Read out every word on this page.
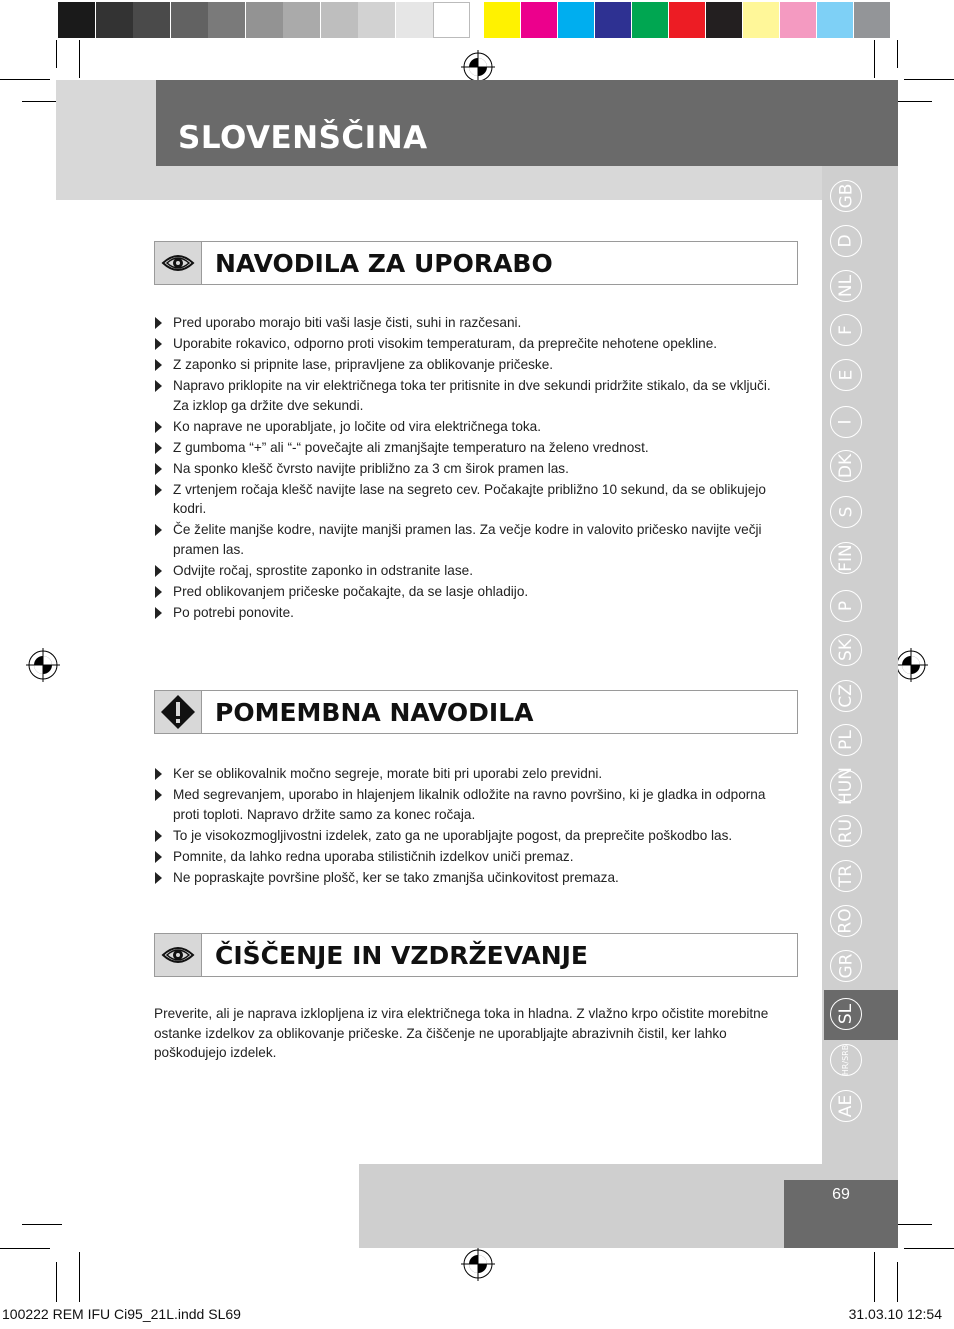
SLOVENŠČINA
GB
D
NL
F
E
I
DK
S
FIN
P
SK
CZ
PL
HUN
RU
TR
RO
GR
SL
HR/SRB
AE
NAVODILA ZA UPORABO
Pred uporabo morajo biti vaši lasje čisti, suhi in razčesani.
Uporabite rokavico, odporno proti visokim temperaturam, da preprečite nehotene opekline.
Z zaponko si pripnite lase, pripravljene za oblikovanje pričeske.
Napravo priklopite na vir električnega toka ter pritisnite in dve sekundi pridržite stikalo, da se vključi. Za izklop ga držite dve sekundi.
Ko naprave ne uporabljate, jo ločite od vira električnega toka.
Z gumboma “+” ali “-“ povečajte ali zmanjšajte temperaturo na želeno vrednost.
Na sponko klešč čvrsto navijte približno za 3 cm širok pramen las.
Z vrtenjem ročaja klešč navijte lase na segreto cev. Počakajte približno 10 sekund, da se oblikujejo kodri.
Če želite manjše kodre, navijte manjši pramen las. Za večje kodre in valovito pričesko navijte večji pramen las.
Odvijte ročaj, sprostite zaponko in odstranite lase.
Pred oblikovanjem pričeske počakajte, da se lasje ohladijo.
Po potrebi ponovite.
POMEMBNA NAVODILA
Ker se oblikovalnik močno segreje, morate biti pri uporabi zelo previdni.
Med segrevanjem, uporabo in hlajenjem likalnik odložite na ravno površino, ki je gladka in odporna proti toploti. Napravo držite samo za konec ročaja.
To je visokozmogljivostni izdelek, zato ga ne uporabljajte pogost, da preprečite poškodbo las.
Pomnite, da lahko redna uporaba stilističnih izdelkov uniči premaz.
Ne popraskajte površine plošč, ker se tako zmanjša učinkovitost premaza.
ČIŠČENJE IN VZDRŽEVANJE
Preverite, ali je naprava izklopljena iz vira električnega toka in hladna. Z vlažno krpo očistite morebitne ostanke izdelkov za oblikovanje pričeske. Za čiščenje ne uporabljajte abrazivnih čistil, ker lahko poškodujejo izdelek.
69
100222 REM IFU Ci95_21L.indd SL69	31.03.10 12:54
